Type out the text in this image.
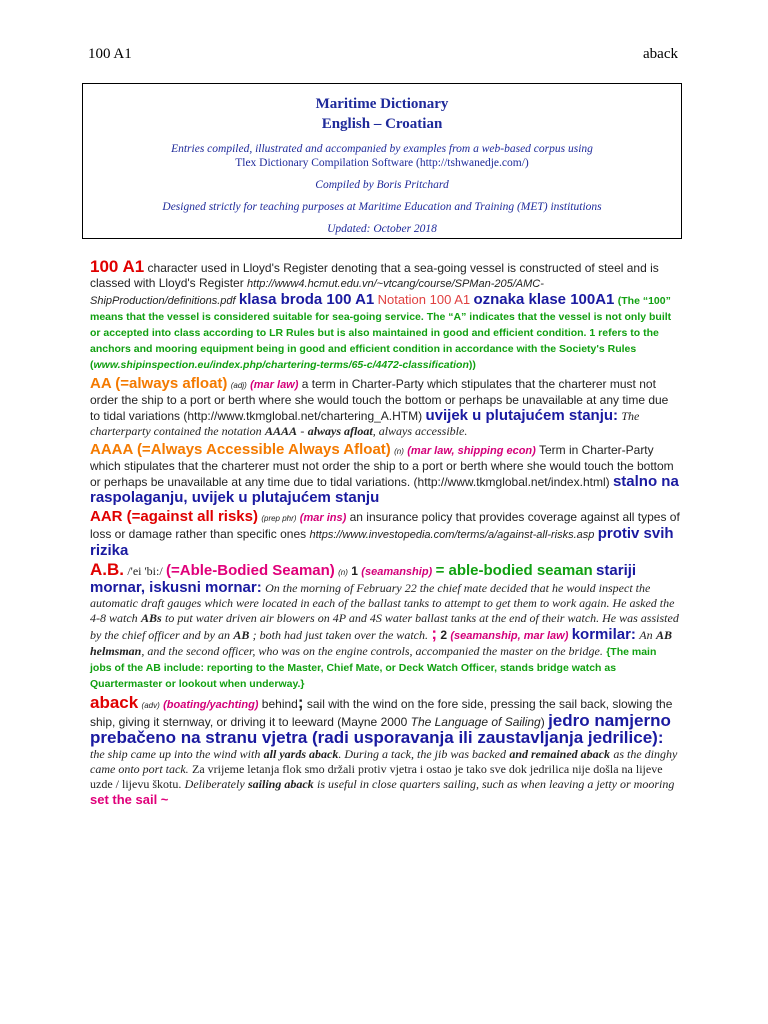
100 A1	aback
Maritime Dictionary
English – Croatian
Entries compiled, illustrated and accompanied by examples from a web-based corpus using
Tlex Dictionary Compilation Software (http://tshwanedje.com/)
Compiled by Boris Pritchard
Designed strictly for teaching purposes at Maritime Education and Training (MET) institutions
Updated: October 2018
100 A1 character used in Lloyd's Register denoting that a sea-going vessel is constructed of steel and is classed with Lloyd's Register http://www4.hcmut.edu.vn/~vtcang/course/SPMan-205/AMC-ShipProduction/definitions.pdf klasa broda 100 A1 Notation 100 A1 oznaka klase 100A1 (The “100” means that the vessel is considered suitable for sea-going service. The “A” indicates that the vessel is not only built or accepted into class according to LR Rules but is also maintained in good and efficient condition. 1 refers to the anchors and mooring equipment being in good and efficient condition in accordance with the Society's Rules (www.shipinspection.eu/index.php/chartering-terms/65-c/4472-classification))
AA (=always afloat) (adj) (mar law) a term in Charter-Party which stipulates that the charterer must not order the ship to a port or berth where she would touch the bottom or perhaps be unavailable at any time due to tidal variations (http://www.tkmglobal.net/chartering_A.HTM) uvijek u plutajućem stanju: The charterparty contained the notation AAAA - always afloat, always accessible.
AAAA (=Always Accessible Always Afloat) (n) (mar law, shipping econ) Term in Charter-Party which stipulates that the charterer must not order the ship to a port or berth where she would touch the bottom or perhaps be unavailable at any time due to tidal variations. (http://www.tkmglobal.net/index.html) stalno na raspolaganju, uvijek u plutajućem stanju
AAR (=against all risks) (prep phr) (mar ins) an insurance policy that provides coverage against all types of loss or damage rather than specific ones https://www.investopedia.com/terms/a/against-all-risks.asp protiv svih rizika
A.B. /'ei 'bi:/ (=Able-Bodied Seaman) (n) 1 (seamanship) = able-bodied seaman stariji mornar, iskusni mornar: On the morning of February 22 the chief mate decided that he would inspect the automatic draft gauges which were located in each of the ballast tanks to attempt to get them to work again. He asked the 4-8 watch ABs to put water driven air blowers on 4P and 4S water ballast tanks at the end of their watch. He was assisted by the chief officer and by an AB ; both had just taken over the watch. ; 2 (seamanship, mar law) kormilar: An AB helmsman, and the second officer, who was on the engine controls, accompanied the master on the bridge. {The main jobs of the AB include: reporting to the Master, Chief Mate, or Deck Watch Officer, stands bridge watch as Quartermaster or lookout when underway.}
aback (adv) (boating/yachting) behind; sail with the wind on the fore side, pressing the sail back, slowing the ship, giving it sternway, or driving it to leeward (Mayne 2000 The Language of Sailing) jedro namjerno prebačeno na stranu vjetra (radi usporavanja ili zaustavljanja jedrilice): the ship came up into the wind with all yards aback. During a tack, the jib was backed and remained aback as the dinghy came onto port tack. Za vrijeme letanja flok smo držali protiv vjetra i ostao je tako sve dok jedrilica nije došla na lijeve uzde / lijevu škotu. Deliberately sailing aback is useful in close quarters sailing, such as when leaving a jetty or mooring set the sail ~
